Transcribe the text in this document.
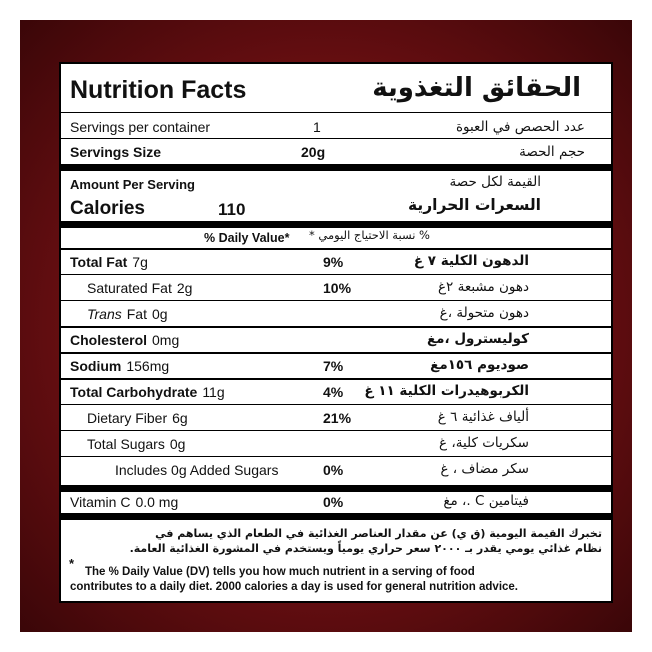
Nutrition Facts	الحقائق التغذوية
Servings per container	1	عدد الحصص في العبوة
Servings Size	20g	حجم الحصة
Amount Per Serving	القيمة لكل حصة
Calories	110	السعرات الحرارية
% Daily Value* % نسبة الاحتياج اليومي *
Total Fat 7g	9%	الدهون الكلية ٧ غ
Saturated Fat 2g	10%	دهون مشبعة ٢غ
Trans Fat 0g	دهون متحولة ،غ
Cholesterol 0mg	كوليسترول ،مغ
Sodium 156mg	7%	صوديوم ١٥٦مغ
Total Carbohydrate 11g	4% الكربوهيدرات الكلية ١١ غ
Dietary Fiber 6g	21%	ألياف غذائية ٦ غ
Total Sugars 0g	سكريات كلية، غ
Includes 0g Added Sugars	0%	سكر مضاف ، غ
Vitamin C 0.0 mg	0%	فيتامين C .، مغ
تخبرك القيمة اليومية (ق ي) عن مقدار العناصر الغذائية في الطعام الذي يساهم في
نظام غذائي يومي يقدر بـ ٢٠٠٠ سعر حراري يومياً ويستخدم في المشورة الغذائية العامة.
*
The % Daily Value (DV) tells you how much nutrient in a serving of food
contributes to a daily diet. 2000 calories a day is used for general nutrition advice.
